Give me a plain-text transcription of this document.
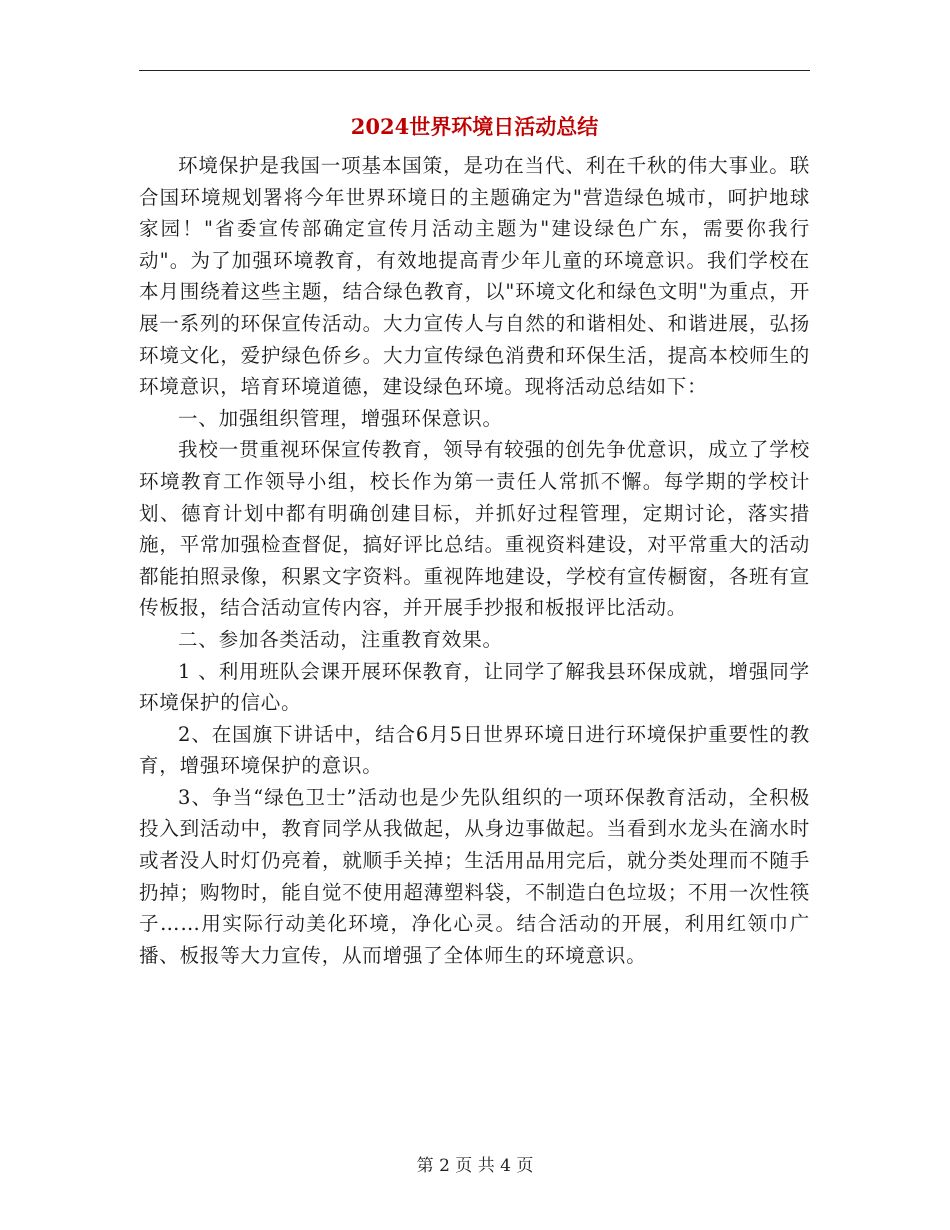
2024世界环境日活动总结

环境保护是我国一项基本国策，是功在当代、利在千秋的伟大事业。联合国环境规划署将今年世界环境日的主题确定为"营造绿色城市，呵护地球家园！"省委宣传部确定宣传月活动主题为"建设绿色广东，需要你我行动"。为了加强环境教育，有效地提高青少年儿童的环境意识。我们学校在本月围绕着这些主题，结合绿色教育，以"环境文化和绿色文明"为重点，开展一系列的环保宣传活动。大力宣传人与自然的和谐相处、和谐进展，弘扬环境文化，爱护绿色侨乡。大力宣传绿色消费和环保生活，提高本校师生的环境意识，培育环境道德，建设绿色环境。现将活动总结如下：

一、加强组织管理，增强环保意识。

我校一贯重视环保宣传教育，领导有较强的创先争优意识，成立了学校环境教育工作领导小组，校长作为第一责任人常抓不懈。每学期的学校计划、德育计划中都有明确创建目标，并抓好过程管理，定期讨论，落实措施，平常加强检查督促，搞好评比总结。重视资料建设，对平常重大的活动都能拍照录像，积累文字资料。重视阵地建设，学校有宣传橱窗，各班有宣传板报，结合活动宣传内容，并开展手抄报和板报评比活动。

二、参加各类活动，注重教育效果。

1 、利用班队会课开展环保教育，让同学了解我县环保成就，增强同学环境保护的信心。

2、在国旗下讲话中，结合6月5日世界环境日进行环境保护重要性的教育，增强环境保护的意识。

3、争当“绿色卫士”活动也是少先队组织的一项环保教育活动，全积极投入到活动中，教育同学从我做起，从身边事做起。当看到水龙头在滴水时或者没人时灯仍亮着，就顺手关掉；生活用品用完后，就分类处理而不随手扔掉；购物时，能自觉不使用超薄塑料袋，不制造白色垃圾；不用一次性筷子……用实际行动美化环境，净化心灵。结合活动的开展，利用红领巾广播、板报等大力宣传，从而增强了全体师生的环境意识。

第 2 页 共 4 页
